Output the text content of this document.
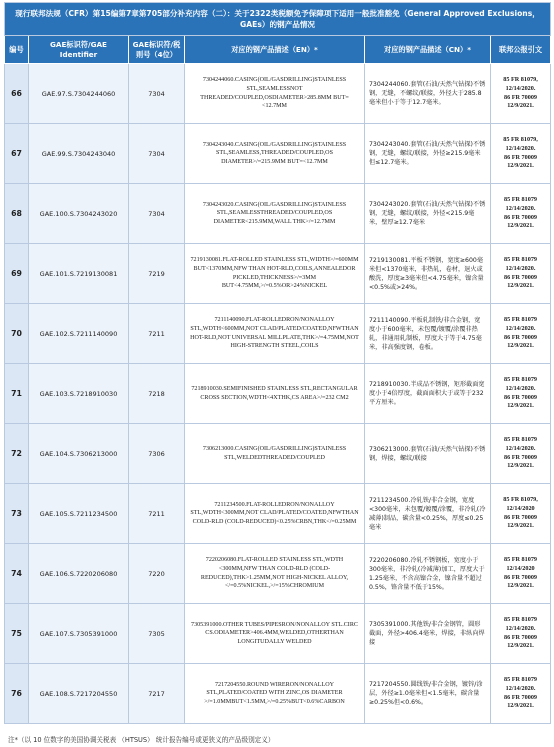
现行联邦法规（CFR）第15编第7章第705部分补充内容（二）：关于2322类税额免予保障项下适用一般批准豁免（General Approved Exclusions，GAEs）的钢产品情况					
编号	GAE标识符/GAE Identifier	GAE标识符/税则号（4位）	对应的钢产品描述（EN）*	对应的钢产品描述（CN）*	联邦公报引文
66	GAE.97.S.7304244060	7304	7304244060.CASING(OIL/GASDRILLING)STAINLESS STL,SEAMLESSNOT THREADED/COUPLED,OSDIAMETER>285.8MM BUT=<12.7MM	7304244060.套管(石油/天然气钻探)不锈钢，无缝，不螺纹/联接，外径大于285.8毫米但小于等于12.7毫米。	85 FR 81079,
12/14/2020.
86 FR 70009
12/9/2021.

67	GAE.99.S.7304243040	7304	7304243040.CASING(OIL/GASDRILLING)STAINLESS STL,SEAMLESS,THREADED/COUPLED,OS DIAMETER>/=215.9MM BUT=<12.7MM	7304243040.套管(石油/天然气钻探)不锈钢，无缝，螺纹/联接，外径≥215.9毫米但≤12.7毫米。	85 FR 81079,
12/14/2020.
86 FR 70009
12/9/2021.

68	GAE.100.S.7304243020	7304	7304243020.CASING(OIL/GASDRILLING)STAINLESS STL,SEAMLESSTHREADED/COUPLED,OS DIAMETER<215.9MM,WALL THK>/=12.7MM	7304243020.套管(石油/天然气钻探)不锈钢，无缝，螺纹/联接，外径<215.9毫米，壁厚≥12.7毫米	85 FR 81079
12/14/2020.
86 FR 70009
12/9/2021.

69	GAE.101.S.7219130081	7219	7219130081.FLAT-ROLLED STAINLESS STL,WIDTH>/=600MM BUT<1370MM,NFW THAN HOT-RLD,COILS,ANNEALEDOR PICKLED,THICKNESS>/=3MM BUT<4.75MM,>/=0.5%OR>24%NICKEL	7219130081.平板不锈钢，宽度≥600毫米但<1370毫米，非热轧，卷材，退火或酸洗，厚度≥3毫米但<4.75毫米，镍含量<0.5%或>24%。	85 FR 81079
12/14/2020.
86 FR 70009
12/9/2021.

70	GAE.102.S.7211140090	7211	7211140090.FLAT-ROLLEDRON/NONALLOY STL,WDTH<600MM,NOT CLAD/PLATED/COATED,NFWTHAN HOT-RLD,NOT UNIVERSAL MILLPLATE,THK>/=4.75MM,NOT HIGH-STRENGTH STEEL,COILS	7211140090.平板轧制铁/非合金钢，宽度小于600毫米，未包覆/镀覆/涂覆非热轧，非通用轧制板，厚度大于等于4.75毫米，非高强度钢，卷板。	85 FR 81079
12/14/2020.
86 FR 70009
12/9/2021.

71	GAE.103.S.7218910030	7218	7218910030.SEMIFINISHED STAINLESS STL,RECTANGULAR CROSS SECTION,WDTH<4XTHK,CS AREA>/=232 CM2	7218910030.半成品不锈钢，矩形截面宽度小于4倍厚度，截面面积大于或等于232平方厘米。	85 FR 81079
12/14/2020.
86 FR 70009
12/9/2021.

72	GAE.104.S.7306213000	7306	7306213000.CASING(OIL/GASDRILLING)STAINLESS STL,WELDEDTHREADED/COUPLED	7306213000.套管(石油/天然气钻探)不锈钢，焊接，螺纹/联接	85 FR 81079
12/14/2020.
86 FR 70009
12/9/2021.

73	GAE.105.S.7211234500	7211	7211234500.FLAT-ROLLEDRON/NONALLOY STL,WDTH<300MM,NOT CLAD/PLATED/COATED,NFWTHAN COLD-RLD (COLD-REDUCED)<0.25%CRBN,THK</=0.25MM	7211234500.冷轧铁/非合金钢，宽度<300毫米，未包覆/镀覆/涂覆，非冷轧(冷减薄)制品，碳含量<0.25%，厚度≤0.25毫米	85 FR 81079,
12/14/2020
86 FR 70009
12/9/2021.

74	GAE.106.S.7220206080	7220	7220206080.FLAT-ROLLED STAINLESS STL,WDTH <300MM,NFW THAN COLD-RLD (COLD-REDUCED),THK>1.25MM,NOT HIGH-NICKEL ALLOY,</=0.5%NICKEL,>/=15%CHROMIUM	7220206080.冷轧不锈钢板，宽度小于300毫米，非冷轧(冷减薄)加工，厚度大于1.25毫米，不含高镍合金，镍含量不超过0.5%，铬含量不低于15%。	85 FR 81079
12/14/2020
86 FR 70009
12/9/2021.

75	GAE.107.S.7305391000	7305	7305391000.OTHER TUBES/PIPESRON/NONALLOY STL.CIRC CS.ODIAMETER>406.4MM,WELDED,OTHERTHAN LONGITUDALLY WELDED	7305391000.其他铁/非合金钢管，圆形截面，外径>406.4毫米，焊接，非纵向焊接	85 FR 81079
12/14/2020.
86 FR 70009
12/9/2021.

76	GAE.108.S.7217204550	7217	7217204550.ROUND WIRERON/NONALLOY STL,PLATED/COATED WITH ZINC,OS DIAMETER >/=1.0MMBUT<1.5MM,>/=0.25%BUT<0.6%CARBON	7217204550.圆线铁/非合金钢，镀锌/涂层，外径≥1.0毫米但<1.5毫米，碳含量≥0.25%但<0.6%。	85 FR 81079
12/14/2020.
86 FR 70009
12/9/2021.
注*（以 10 位数字的美国协调关税表 （HTSUS） 统计报告编号或更狭义的产品级别定义）
